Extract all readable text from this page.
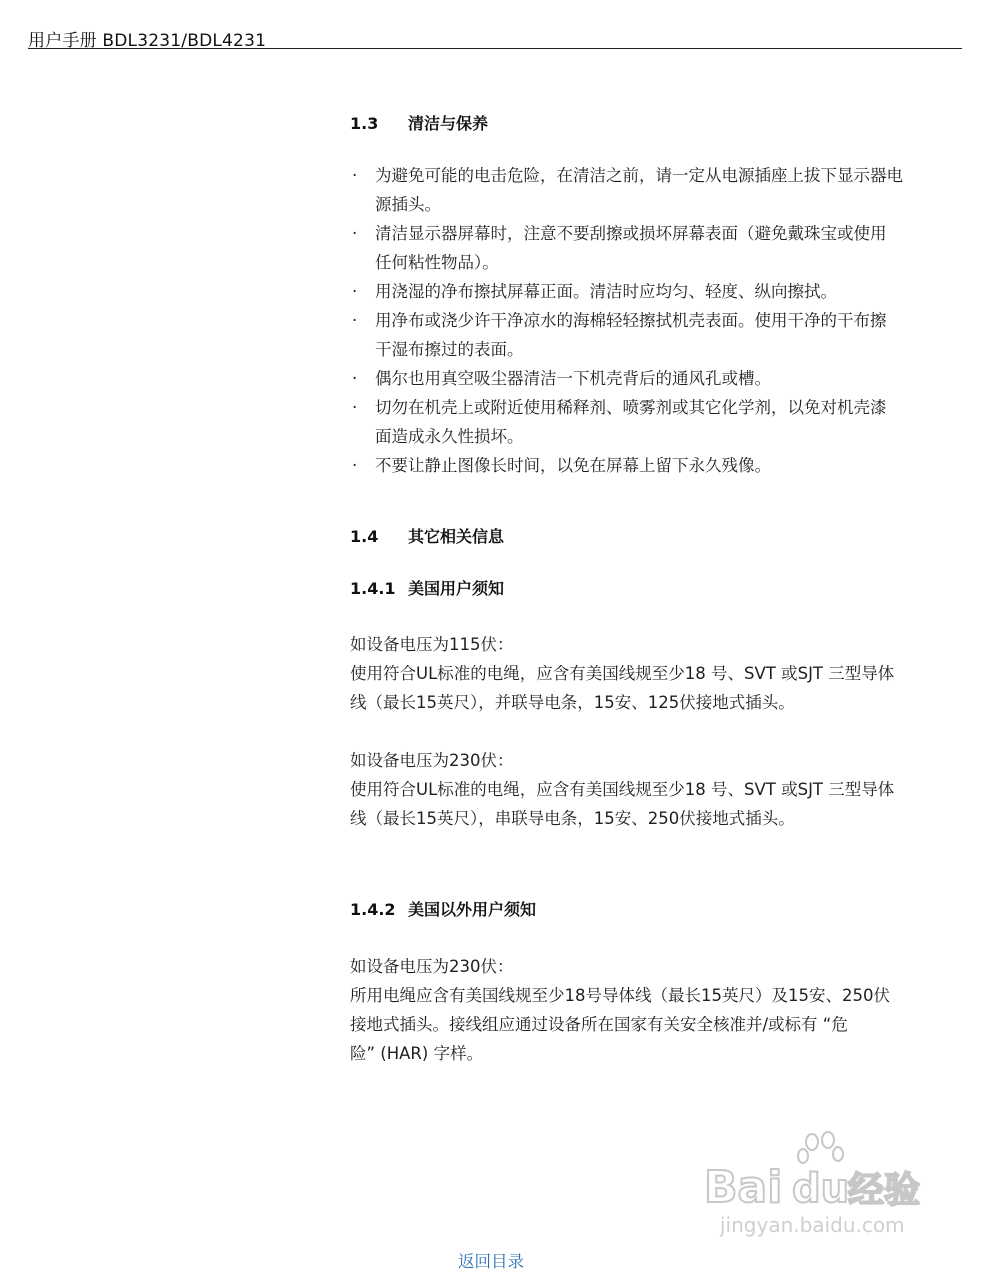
用户手册 BDL3231/BDL4231
1.3 清洁与保养
· 为避免可能的电击危险，在清洁之前，请一定从电源插座上拔下显示器电
源插头。
· 清洁显示器屏幕时，注意不要刮擦或损坏屏幕表面（避免戴珠宝或使用
任何粘性物品）。
· 用浇湿的净布擦拭屏幕正面。清洁时应均匀、轻度、纵向擦拭。
· 用净布或浇少许干净凉水的海棉轻轻擦拭机壳表面。使用干净的干布擦
干湿布擦过的表面。
· 偶尔也用真空吸尘器清洁一下机壳背后的通风孔或槽。
· 切勿在机壳上或附近使用稀释剂、喷雾剂或其它化学剂，以免对机壳漆
面造成永久性损坏。
· 不要让静止图像长时间，以免在屏幕上留下永久残像。
1.4 其它相关信息
1.4.1 美国用户须知

如设备电压为115伏：

使用符合UL标准的电绳，应含有美国线规至少18 号、SVT 或SJT 三型导体

线（最长15英尺），并联导电条，15安、125伏接地式插头。

如设备电压为230伏：

使用符合UL标准的电绳，应含有美国线规至少18 号、SVT 或SJT 三型导体

线（最长15英尺），串联导电条，15安、250伏接地式插头。

1.4.2 美国以外用户须知

如设备电压为230伏：

所用电绳应含有美国线规至少18号导体线（最长15英尺）及15安、250伏

接地式插头。接线组应通过设备所在国家有关安全核准并/或标有 “危

险” (HAR) 字样。

Bai du
经验
jingyan.baidu.com
返回目录
